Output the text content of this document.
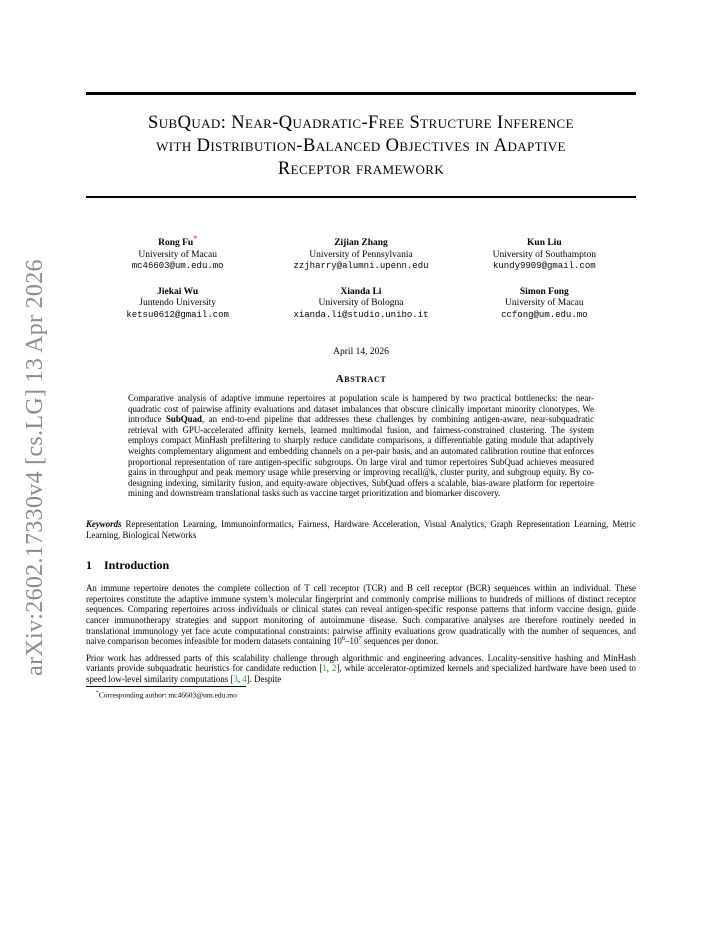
arXiv:2602.17330v4 [cs.LG] 13 Apr 2026
SubQuad: Near-Quadratic-Free Structure Inference
with Distribution-Balanced Objectives in Adaptive
Receptor framework
Rong Fu*
University of Macau
mc46603@um.edu.mo
Zijian Zhang
University of Pennsylvania
zzjharry@alumni.upenn.edu
Kun Liu
University of Southampton
kundy9909@gmail.com
Jiekai Wu
Juntendo University
ketsu0612@gmail.com
Xianda Li
University of Bologna
xianda.li@studio.unibo.it
Simon Fong
University of Macau
ccfong@um.edu.mo
April 14, 2026
Abstract
Comparative analysis of adaptive immune repertoires at population scale is hampered by two practical bottlenecks: the near-quadratic cost of pairwise affinity evaluations and dataset imbalances that obscure clinically important minority clonotypes. We introduce SubQuad, an end-to-end pipeline that addresses these challenges by combining antigen-aware, near-subquadratic retrieval with GPU-accelerated affinity kernels, learned multimodal fusion, and fairness-constrained clustering. The system employs compact MinHash prefiltering to sharply reduce candidate comparisons, a differentiable gating module that adaptively weights complementary alignment and embedding channels on a per-pair basis, and an automated calibration routine that enforces proportional representation of rare antigen-specific subgroups. On large viral and tumor repertoires SubQuad achieves measured gains in throughput and peak memory usage while preserving or improving recall@k, cluster purity, and subgroup equity. By co-designing indexing, similarity fusion, and equity-aware objectives, SubQuad offers a scalable, bias-aware platform for repertoire mining and downstream translational tasks such as vaccine target prioritization and biomarker discovery.
Keywords Representation Learning, Immunoinformatics, Fairness, Hardware Acceleration, Visual Analytics, Graph Representation Learning, Metric Learning, Biological Networks
1 Introduction
An immune repertoire denotes the complete collection of T cell receptor (TCR) and B cell receptor (BCR) sequences within an individual. These repertoires constitute the adaptive immune system’s molecular fingerprint and commonly comprise millions to hundreds of millions of distinct receptor sequences. Comparing repertoires across individuals or clinical states can reveal antigen-specific response patterns that inform vaccine design, guide cancer immunotherapy strategies and support monitoring of autoimmune disease. Such comparative analyses are therefore routinely needed in translational immunology yet face acute computational constraints: pairwise affinity evaluations grow quadratically with the number of sequences, and naive comparison becomes infeasible for modern datasets containing $10^6-10^7$ sequences per donor.
Prior work has addressed parts of this scalability challenge through algorithmic and engineering advances. Locality-sensitive hashing and MinHash variants provide subquadratic heuristics for candidate reduction [1, 2], while accelerator-optimized kernels and specialized hardware have been used to speed low-level similarity computations [3, 4]. Despite
*Corresponding author: mc46603@um.edu.mo
